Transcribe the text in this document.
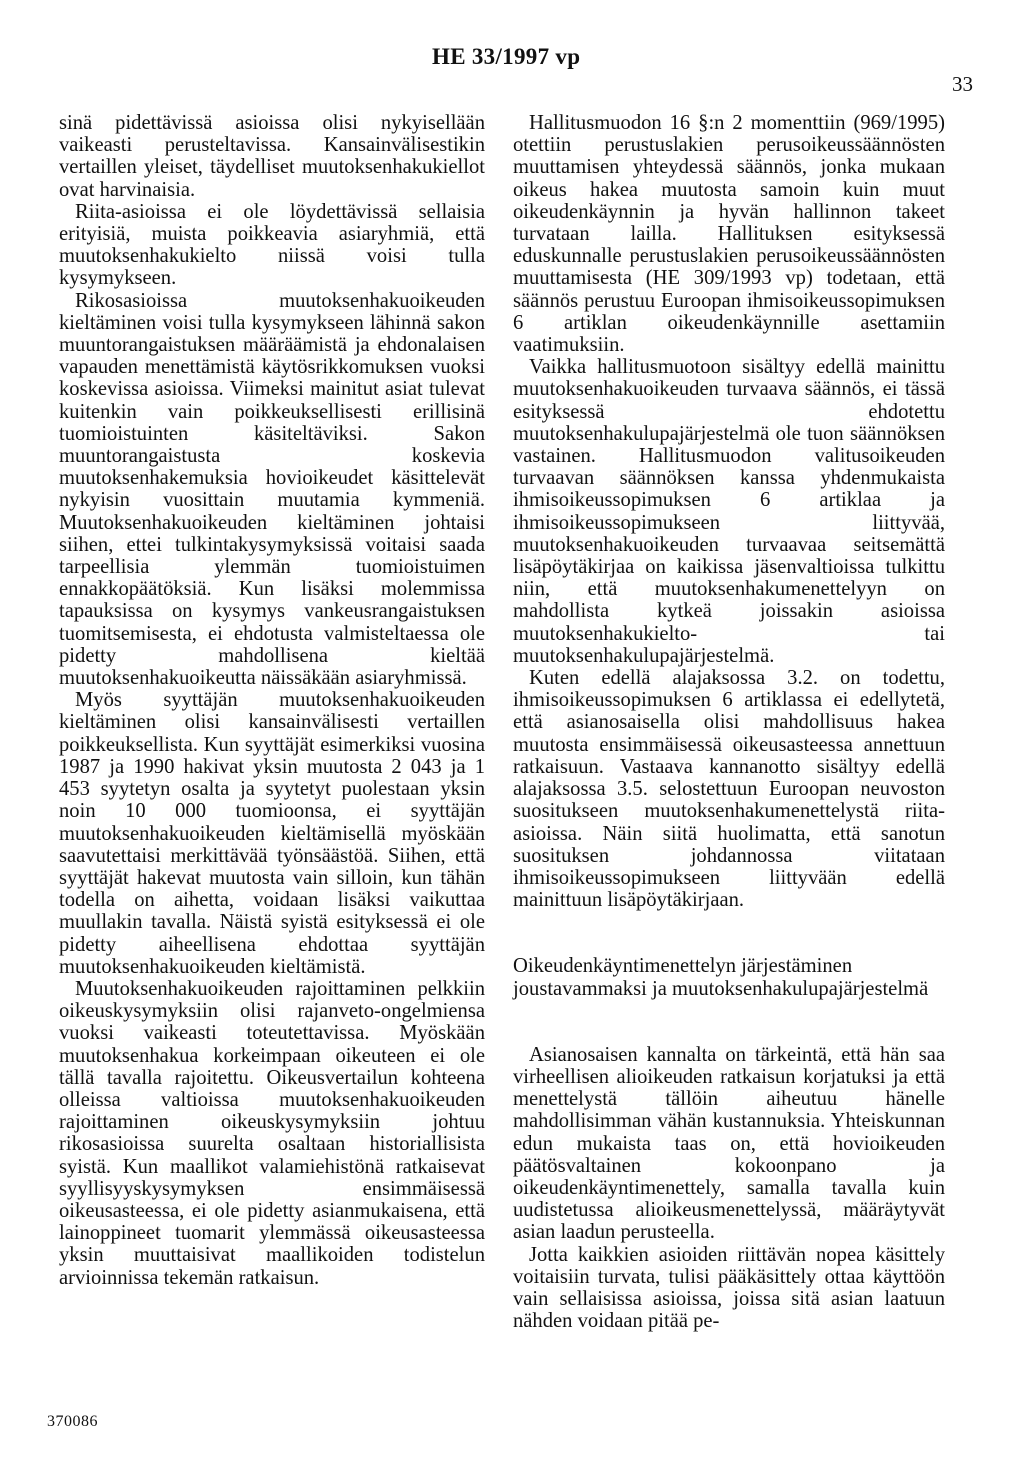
HE 33/1997 vp
33

sinä pidettävissä asioissa olisi nykyisellään vaikeasti perusteltavissa. Kansainvälisestikin vertaillen yleiset, täydelliset muutoksenhakukiellot ovat harvinaisia.

Riita-asioissa ei ole löydettävissä sellaisia erityisiä, muista poikkeavia asiaryhmiä, että muutoksenhakukielto niissä voisi tulla kysymykseen.

Rikosasioissa muutoksenhakuoikeuden kieltäminen voisi tulla kysymykseen lähinnä sakon muuntorangaistuksen määräämistä ja ehdonalaisen vapauden menettämistä käytösrikkomuksen vuoksi koskevissa asioissa. Viimeksi mainitut asiat tulevat kuitenkin vain poikkeuksellisesti erillisinä tuomioistuinten käsiteltäviksi. Sakon muuntorangaistusta koskevia muutoksenhakemuksia hovioikeudet käsittelevät nykyisin vuosittain muutamia kymmeniä. Muutoksenhakuoikeuden kieltäminen johtaisi siihen, ettei tulkintakysymyksissä voitaisi saada tarpeellisia ylemmän tuomioistuimen ennakkopäätöksiä. Kun lisäksi molemmissa tapauksissa on kysymys vankeusrangaistuksen tuomitsemisesta, ei ehdotusta valmisteltaessa ole pidetty mahdollisena kieltää muutoksenhakuoikeutta näissäkään asiaryhmissä.

Myös syyttäjän muutoksenhakuoikeuden kieltäminen olisi kansainvälisesti vertaillen poikkeuksellista. Kun syyttäjät esimerkiksi vuosina 1987 ja 1990 hakivat yksin muutosta 2 043 ja 1 453 syytetyn osalta ja syytetyt puolestaan yksin noin 10 000 tuomioonsa, ei syyttäjän muutoksenhakuoikeuden kieltämisellä myöskään saavutettaisi merkittävää työnsäästöä. Siihen, että syyttäjät hakevat muutosta vain silloin, kun tähän todella on aihetta, voidaan lisäksi vaikuttaa muullakin tavalla. Näistä syistä esityksessä ei ole pidetty aiheellisena ehdottaa syyttäjän muutoksenhakuoikeuden kieltämistä.

Muutoksenhakuoikeuden rajoittaminen pelkkiin oikeuskysymyksiin olisi rajanveto-ongelmiensa vuoksi vaikeasti toteutettavissa. Myöskään muutoksenhakua korkeimpaan oikeuteen ei ole tällä tavalla rajoitettu. Oikeusvertailun kohteena olleissa valtioissa muutoksenhakuoikeuden rajoittaminen oikeuskysymyksiin johtuu rikosasioissa suurelta osaltaan historiallisista syistä. Kun maallikot valamiehistönä ratkaisevat syyllisyyskysymyksen ensimmäisessä oikeusasteessa, ei ole pidetty asianmukaisena, että lainoppineet tuomarit ylemmässä oikeusasteessa yksin muuttaisivat maallikoiden todistelun arvioinnissa tekemän ratkaisun.

Hallitusmuodon 16 §:n 2 momenttiin (969/1995) otettiin perustuslakien perusoikeussäännösten muuttamisen yhteydessä säännös, jonka mukaan oikeus hakea muutosta samoin kuin muut oikeudenkäynnin ja hyvän hallinnon takeet turvataan lailla. Hallituksen esityksessä eduskunnalle perustuslakien perusoikeussäännösten muuttamisesta (HE 309/1993 vp) todetaan, että säännös perustuu Euroopan ihmisoikeussopimuksen 6 artiklan oikeudenkäynnille asettamiin vaatimuksiin.

Vaikka hallitusmuotoon sisältyy edellä mainittu muutoksenhakuoikeuden turvaava säännös, ei tässä esityksessä ehdotettu muutoksenhakulupajärjestelmä ole tuon säännöksen vastainen. Hallitusmuodon valitusoikeuden turvaavan säännöksen kanssa yhdenmukaista ihmisoikeussopimuksen 6 artiklaa ja ihmisoikeussopimukseen liittyvää, muutoksenhakuoikeuden turvaavaa seitsemättä lisäpöytäkirjaa on kaikissa jäsenvaltioissa tulkittu niin, että muutoksenhakumenettelyyn on mahdollista kytkeä joissakin asioissa muutoksenhakukielto- tai muutoksenhakulupajärjestelmä.

Kuten edellä alajaksossa 3.2. on todettu, ihmisoikeussopimuksen 6 artiklassa ei edellytetä, että asianosaisella olisi mahdollisuus hakea muutosta ensimmäisessä oikeusasteessa annettuun ratkaisuun. Vastaava kannanotto sisältyy edellä alajaksossa 3.5. selostettuun Euroopan neuvoston suositukseen muutoksenhakumenettelystä riita-asioissa. Näin siitä huolimatta, että sanotun suosituksen johdannossa viitataan ihmisoikeussopimukseen liittyvään edellä mainittuun lisäpöytäkirjaan.

Oikeudenkäyntimenettelyn järjestäminen joustavammaksi ja muutoksenhakulupajärjestelmä

Asianosaisen kannalta on tärkeintä, että hän saa virheellisen alioikeuden ratkaisun korjatuksi ja että menettelystä tällöin aiheutuu hänelle mahdollisimman vähän kustannuksia. Yhteiskunnan edun mukaista taas on, että hovioikeuden päätösvaltainen kokoonpano ja oikeudenkäyntimenettely, samalla tavalla kuin uudistetussa alioikeusmenettelyssä, määräytyvät asian laadun perusteella.

Jotta kaikkien asioiden riittävän nopea käsittely voitaisiin turvata, tulisi pääkäsittely ottaa käyttöön vain sellaisissa asioissa, joissa sitä asian laatuun nähden voidaan pitää pe-

370086
